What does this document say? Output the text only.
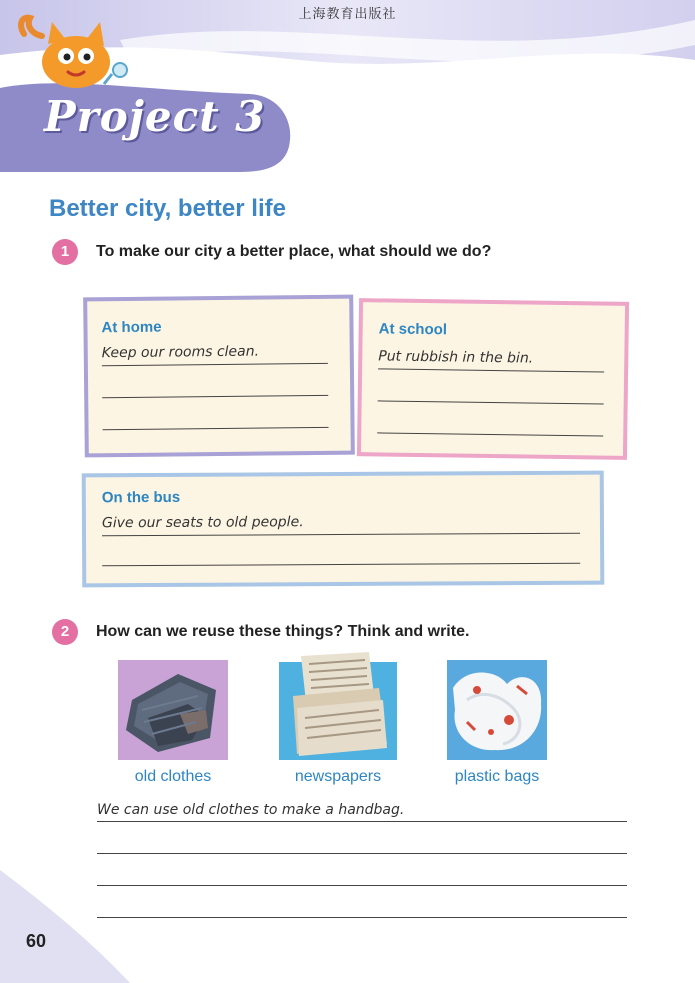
上海教育出版社
Project 3
Better city, better life
1	To make our city a better place, what should we do?
At home
Keep our rooms clean.
At school
Put rubbish in the bin.
On the bus
Give our seats to old people.
2	How can we reuse these things? Think and write.
old clothes	newspapers	plastic bags
We can use old clothes to make a handbag.
60
